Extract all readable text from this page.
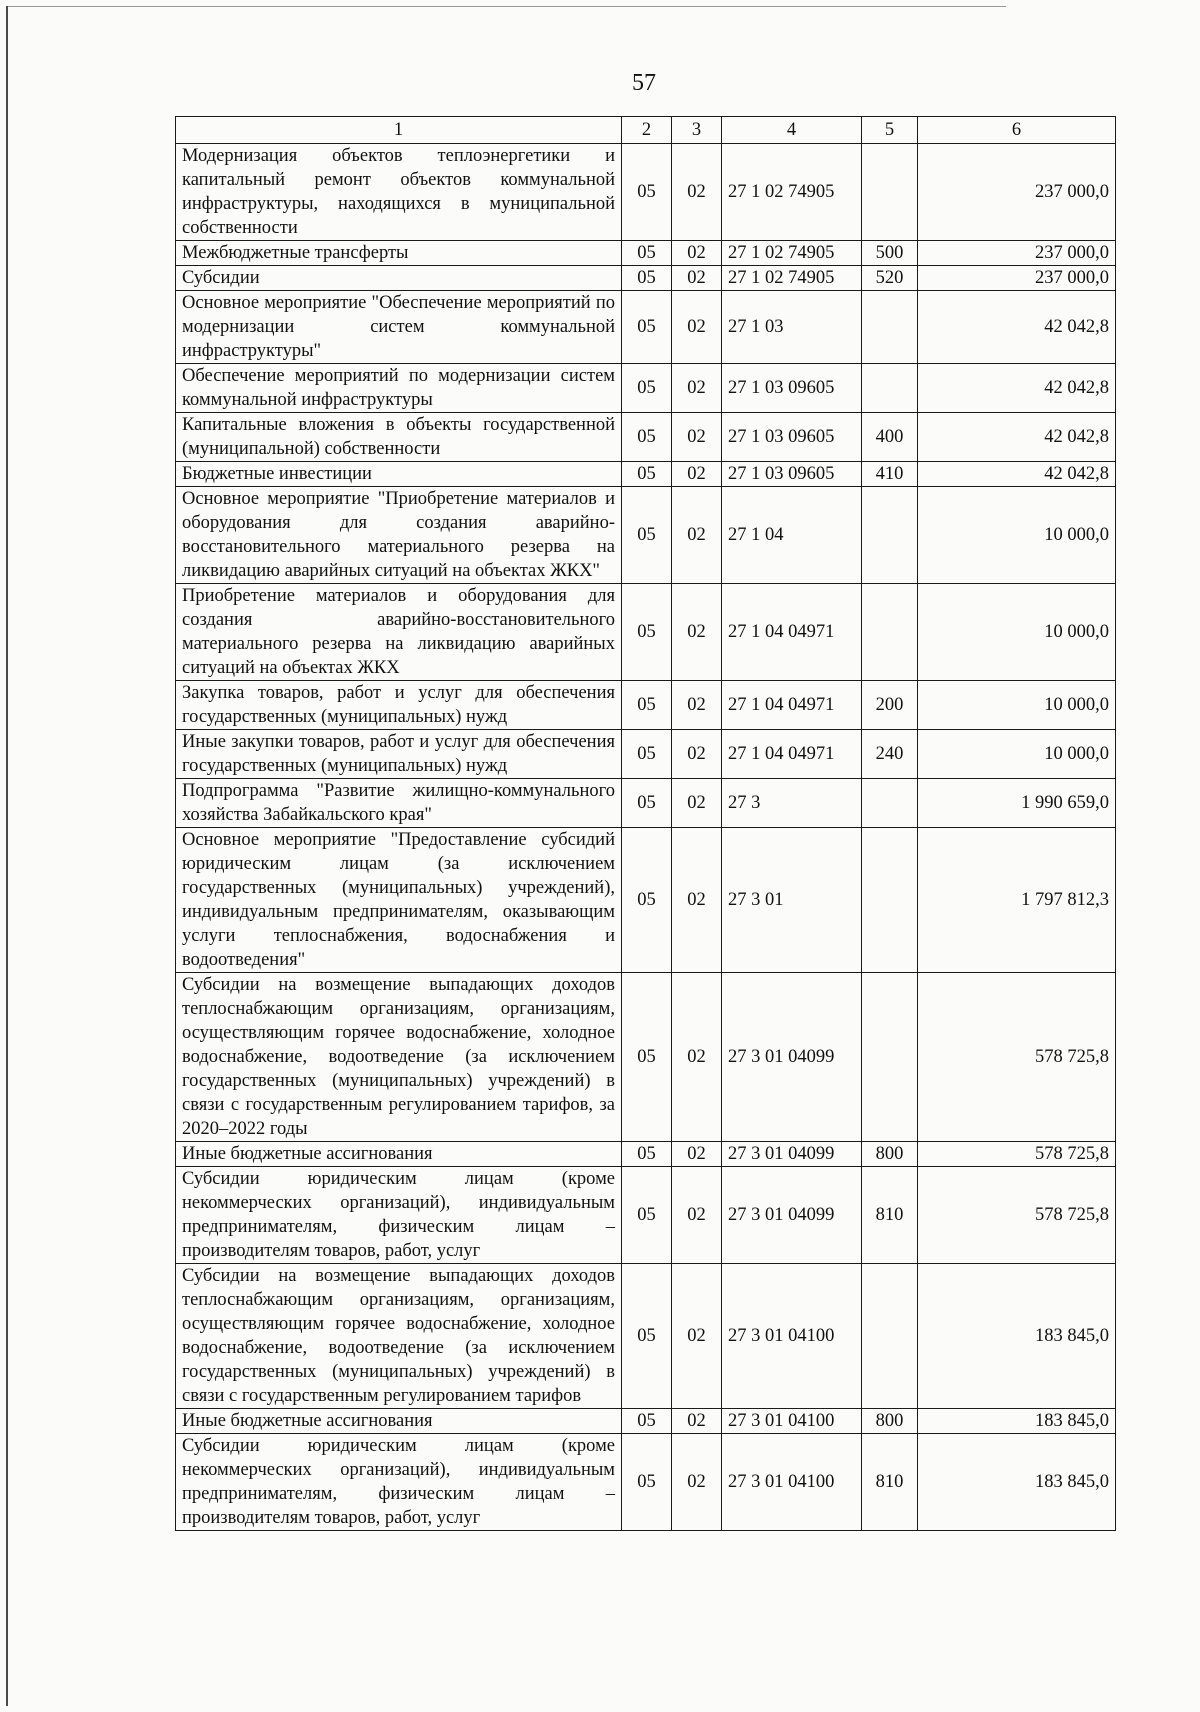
57
1	2	3	4	5	6
Модернизация объектов теплоэнергетики и капитальный ремонт объектов коммунальной инфраструктуры, находящихся в муниципальной собственности	05	02	27 1 02 74905		237 000,0
Межбюджетные трансферты	05	02	27 1 02 74905	500	237 000,0
Субсидии	05	02	27 1 02 74905	520	237 000,0
Основное мероприятие "Обеспечение мероприятий по модернизации систем коммунальной инфраструктуры"	05	02	27 1 03		42 042,8
Обеспечение мероприятий по модернизации систем коммунальной инфраструктуры	05	02	27 1 03 09605		42 042,8
Капитальные вложения в объекты государственной (муниципальной) собственности	05	02	27 1 03 09605	400	42 042,8
Бюджетные инвестиции	05	02	27 1 03 09605	410	42 042,8
Основное мероприятие "Приобретение материалов и оборудования для создания аварийно-восстановительного материального резерва на ликвидацию аварийных ситуаций на объектах ЖКХ"	05	02	27 1 04		10 000,0
Приобретение материалов и оборудования для создания аварийно-восстановительного материального резерва на ликвидацию аварийных ситуаций на объектах ЖКХ	05	02	27 1 04 04971		10 000,0
Закупка товаров, работ и услуг для обеспечения государственных (муниципальных) нужд	05	02	27 1 04 04971	200	10 000,0
Иные закупки товаров, работ и услуг для обеспечения государственных (муниципальных) нужд	05	02	27 1 04 04971	240	10 000,0
Подпрограмма "Развитие жилищно-коммунального хозяйства Забайкальского края"	05	02	27 3		1 990 659,0
Основное мероприятие "Предоставление субсидий юридическим лицам (за исключением государственных (муниципальных) учреждений), индивидуальным предпринимателям, оказывающим услуги теплоснабжения, водоснабжения и водоотведения"	05	02	27 3 01		1 797 812,3
Субсидии на возмещение выпадающих доходов теплоснабжающим организациям, организациям, осуществляющим горячее водоснабжение, холодное водоснабжение, водоотведение (за исключением государственных (муниципальных) учреждений) в связи с государственным регулированием тарифов, за 2020–2022 годы	05	02	27 3 01 04099		578 725,8
Иные бюджетные ассигнования	05	02	27 3 01 04099	800	578 725,8
Субсидии юридическим лицам (кроме некоммерческих организаций), индивидуальным предпринимателям, физическим лицам – производителям товаров, работ, услуг	05	02	27 3 01 04099	810	578 725,8
Субсидии на возмещение выпадающих доходов теплоснабжающим организациям, организациям, осуществляющим горячее водоснабжение, холодное водоснабжение, водоотведение (за исключением государственных (муниципальных) учреждений) в связи с государственным регулированием тарифов	05	02	27 3 01 04100		183 845,0
Иные бюджетные ассигнования	05	02	27 3 01 04100	800	183 845,0
Субсидии юридическим лицам (кроме некоммерческих организаций), индивидуальным предпринимателям, физическим лицам – производителям товаров, работ, услуг	05	02	27 3 01 04100	810	183 845,0
